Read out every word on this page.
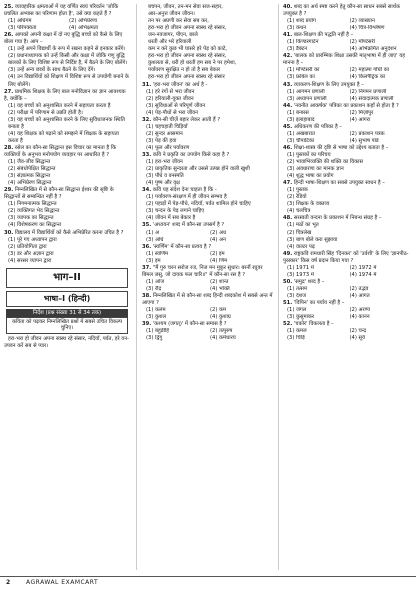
25. व्यावहारिक क्षमताओं में यह वर्णित स्वयं परिवर्तन 'जोकि प्रचलित अभ्यास का परिणाम होता है', उसे क्या कहते हैं ?
(1) अधिगम	(2) अभिप्रेरणा
(3) परिपक्वता	(4) अभिक्षमता
26. आपको अपनी कक्षा में दो नए बुद्धि बच्चों को कैसे के लिए बोला गया है। आप –
(1) उन्हें अपने विद्यार्थी के रूप में रखना कहने से इनकार करेंगे।
(2) प्रधानाध्यापक को उन्हें किसी और कक्षा में जोकि गणु बुद्धि बालकों के लिए विशिष्ट रूप से निर्दिष्ट है, में बैठने के लिए बोलेंगे।
(3) उन्हें अन्य छात्रों के साथ बैठने के लिए देंगे।
(4) उन विद्यार्थियों को शिक्षण में विशिष्ट रूप से उपयोगी बनाने के लिए बोलेंगे।
27. प्राथमिक शिक्षक के लिए बाल मनोविज्ञान का ज्ञान आवश्यक है, क्योंकि –
(1) यह बच्चों को अनुशासित करने में सहायता करता है
(2) परीक्षा में परिणाम से उन्नति होती है।
(3) यह बच्चों को अनुशासित करने के लिए सुविधाजनक स्थिति बनाता है
(4) यह शिक्षक को पढ़ाने को समझने में शिक्षक के सहायता करता है
28. रसेल का कौन-सा सिद्धान्त इस विचार का मानता है कि व्यक्तियों के अनुभव मनोपयोग व्यवहार पर आधारित है ?
(1) जैव-जीव सिद्धान्त
(2) संबंधोपेक्षित सिद्धान्त
(3) संज्ञात्मक सिद्धान्त
(4) अभिप्रेरण सिद्धान्त
29. निम्नलिखित में से कौन-सा सिद्धान्त ईश्वर की सृष्टि के सिद्धान्तों से सम्बन्धित नहीं है ?
(1) निगमनात्मक सिद्धान्त
(2) व्यक्तिगत भेद सिद्धान्त
(3) व्यापक का सिद्धान्त
(4) विशेषकरण का सिद्धान्त
30. विद्यालय में विद्यार्थियों को कैसे अभिप्रेरित करना उचित है ?
(1) पूरे गए अध्यापन द्वारा
(2) प्रतियोगिता द्वारा
(3) डर और अज्ञान द्वारा
(4) सरसर व्यापन द्वारा
भाग–II
भाषा–I (हिन्दी)
निर्देश (प्रश्न संख्या 31 से 34 तक)
कविता को पढ़कर निम्नलिखित प्रश्नों में सबसे उचित विकल्प चुनिए।

हरा-भरा हो जीवन अपना स्वस्थ रहे संसार, नदियाँ, पर्वत, हरे वन-उपवन करें सब से प्यार।

बचपन, जीवन, तन-मन सेवा सज-सहार,
आर-अनुत्त जीवन जीवन।
तन पर अप्रणी कर सेवा सब कर,
हरा-भरा हो जीवन अपना स्वस्थ रहे संसार,
जन-नवजागर, पीएन, छाले
धरती और भरे हरियाली
कम न करे कुछ भी घासरे हरे पेड़ को काटे,
हरा-भरा हो जीवन अपना स्वस्थ रहे संसार,
कुशलता से, धरी हो धरती हम सब ने पर हमेशा,
पर्यावरण सुरक्षित न हो तो है सब बेकार
हरा-भरा हो जीवन अपना स्वस्थ रहे संसार
31. 'हरा-भरा जीवन' का अर्थ है -
(1) हरे रंगों से भरा जीवन
(2) हरियाली-युक्त जीवन
(3) सुविधाओं से परिपूर्ण जीवन
(4) पेड़-पौधों से भरा जीवन
32. कौन-सी चीज़ें बहार लेकर आती हैं ?
(1) चहचहाती चिड़ियाँ
(2) सुन्दर आसमान
(3) पेड़ की हवा
(4) फूल और पर्यावरण
33. कवि ने प्रकृति का उपयोग किसे कहा है ?
(1) हरा-भरा जीवन
(2) प्राकृतिक सुन्दरता और उससे उत्पन्न होने वाली खुशी
(3) पौधे व वनस्पति
(4) पुष्प और वृक्ष
34. कवि यह संदेश देना चाहता है कि -
(1) पर्यावरण-संरक्षण में ही जीवन सम्भव है
(2) पहाड़ों में पेड़-पौधे, नदियाँ, पर्वत शामिल होने चाहिए
(3) चन्दन के पेड़ लगाने चाहिए
(4) जीवन में सब बेकार है
35. 'अध्ययन' शब्द में कौन-सा उपसर्ग है ?
(1) अ	(2) अध
(3) अधि	(4) अन
36. 'स्वर्णिम' में कौन-सा प्रत्यय है ?
(1) स्वर्णिम	(2) इम
(3) इम	(4) णिम
37. "मैं गुरु चरन सरोज रज, निज मन मुकुर सुधार। बरनौं रघुवर बिमल जसु, जो दायक फल चारि॥" में कौन-सा रस है ?
(1) ओज	(2) शान्त
(3) रौद्र	(4) भक्ति
38. निम्नलिखित में से कौन-सा शब्द हिन्दी शब्दकोश में सबसे अन्त में आएगा ?
(1) कलम	(2) कम
(3) कुशल	(4) कुशाग्र
39. 'कश्यप (जगत्)' में कौन-सा समास है ?
(1) बहुव्रीहि	(2) तत्पुरुष
(3) द्विगु	(4) कर्मधारय
40. शब्द का अर्थ स्पष्ट करने हेतु कौन-सा साधन सबसे सार्थक उपयुक्त है ?
(1) शब्द प्रयोग	(2) व्याख्यान
(3) कथन	(4) चित्र-विश्लेषण
41. बाल-शिक्षण की पद्धति नहीं है –
(1) किण्डरगार्टन	(2) मॉण्टेसरी
(3) डैक्टन	(4) अभिक्रमित अनुदेशन
42. 'बालक को प्रारम्भिक शिक्षा उसकी मातृभाषा में ही जाए' यह मानना है –
(1) मॉण्टेसरी का	(2) महात्मा गाँधी का
(3) फ्रोबेल का	(4) किलपैट्रिक का
43. व्याकरण-शिक्षण के लिए उपयुक्त है –
(1) आगमन प्रणाली	(2) निगमन प्रणाली
(3) अध्यापन प्रणाली	(4) संवादात्मक प्रणाली
44. 'नवनीत आकर्षक' पत्रिका का प्रकाशन कहाँ से होता है ?
(1) बनारस	(2) मिर्ज़ापुर
(3) इलाहाबाद	(4) आगरा
45. अधिकरण की पत्रिका है –
(1) अखबारात	(2) प्रकाशन पत्रक
(3) चौपाटिका	(4) सुभाष पांडे
46. शिक्षा-शास्त्र की दृष्टि से भाषा को उद्देश्य बताता है –
(1) पुस्तकों का परिचय
(2) भावाभिव्यक्ति की शक्ति का विकास
(3) अवधारणा का मानक ज्ञान
(4) शुद्ध भाषा का प्रयोग
47. हिन्दी भाषा-शिक्षण का सबसे उपयुक्त साधन है –
(1) पुस्तक
(2) रेडियो
(3) शिक्षक के वक्तव्य
(4) चलचित्र
48. सरस्वती वन्दना के प्रकाशन में निबन्ध संग्रह है –
(1) मठों का भूत
(2) चित्रलेख
(3) बाण बोले करा सुझाया
(4) वाल्टर पढ़
49. राष्ट्रकवि रामधारी सिंह 'दिनकर' को 'उर्वशी' के लिए 'ज्ञानपीठ-पुरस्कार' किस वर्ष प्रदान किया गया ?
(1) 1971 में	(2) 1972 में
(3) 1973 में	(4) 1974 में
50. 'समुद्र' शब्द है –
(1) तत्सम	(2) तद्भव
(3) देशज	(4) आगत
51. 'विपिन' का पर्याय नहीं है –
(1) जंगल	(2) अरण्य
(3) कुसुमाकर	(4) कानन
52. 'चकोर' विकलता है –
(1) कमल	(2) चन्द्र
(3) चिड़ि	(4) सूर्य
2	AGRAWAL EXAMCART
